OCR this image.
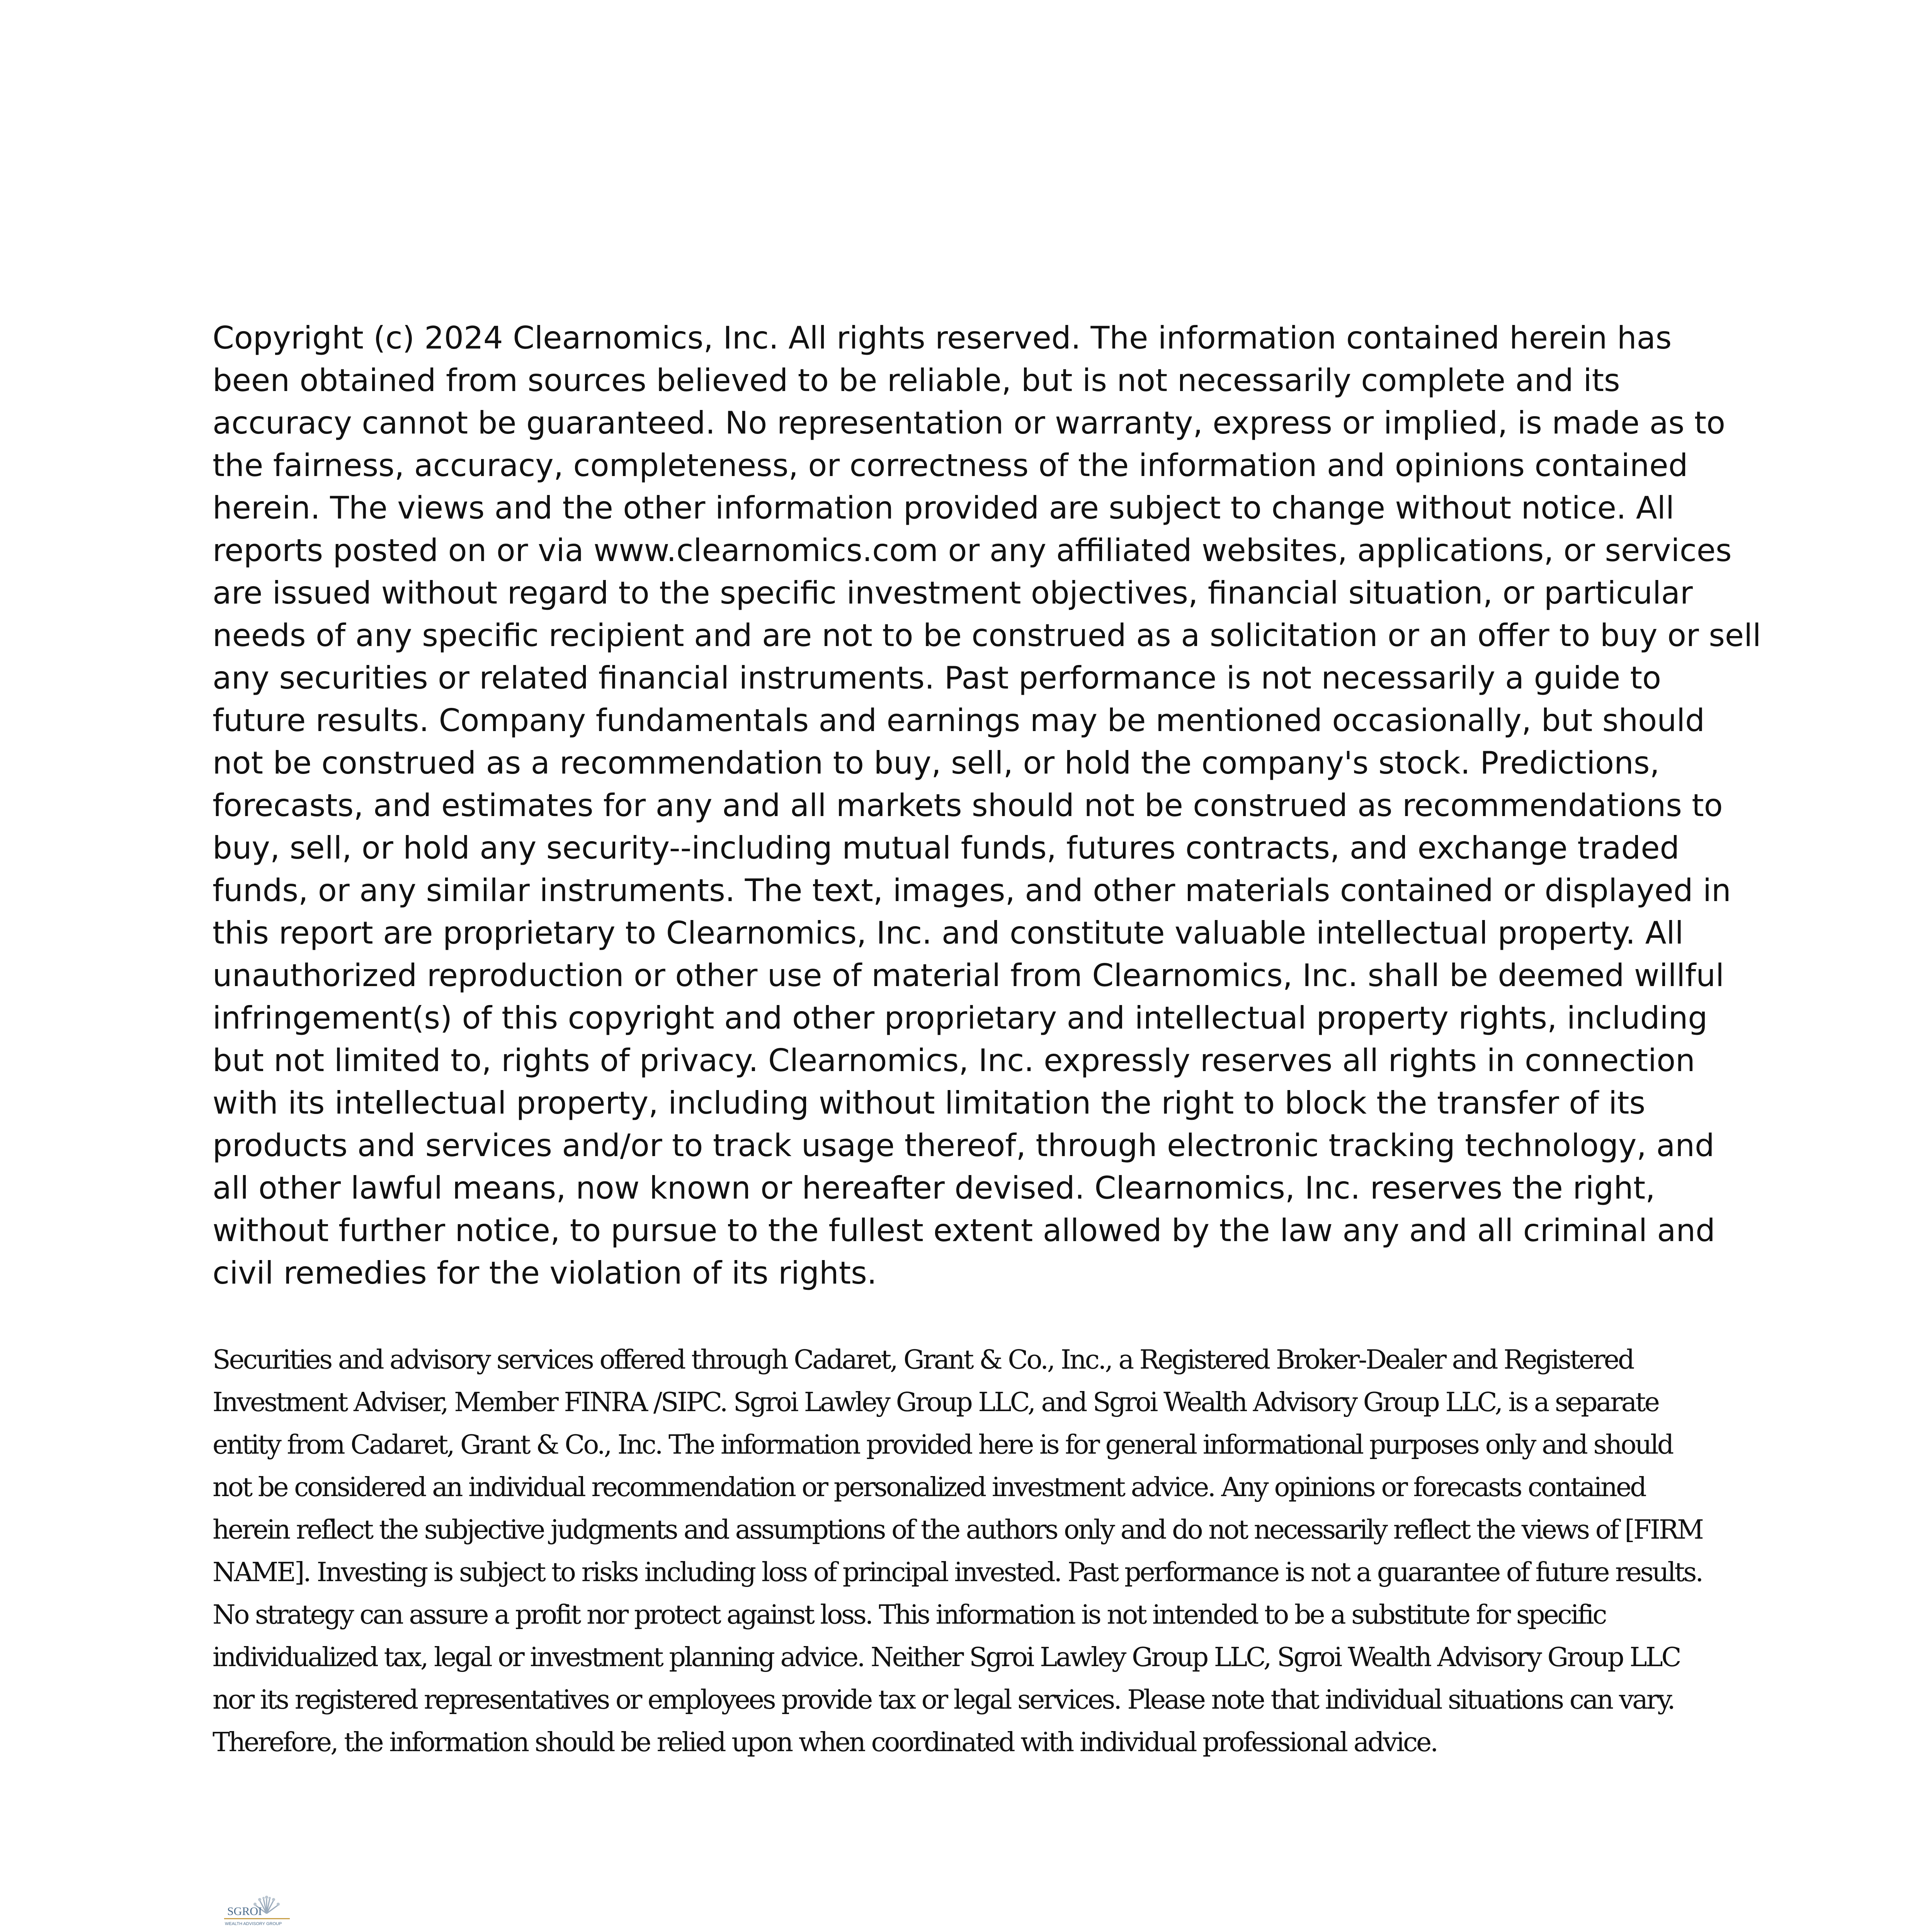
Copyright (c) 2024 Clearnomics, Inc. All rights reserved. The information contained herein has
been obtained from sources believed to be reliable, but is not necessarily complete and its
accuracy cannot be guaranteed. No representation or warranty, express or implied, is made as to
the fairness, accuracy, completeness, or correctness of the information and opinions contained
herein. The views and the other information provided are subject to change without notice. All
reports posted on or via www.clearnomics.com or any affiliated websites, applications, or services
are issued without regard to the specific investment objectives, financial situation, or particular
needs of any specific recipient and are not to be construed as a solicitation or an offer to buy or sell
any securities or related financial instruments. Past performance is not necessarily a guide to
future results. Company fundamentals and earnings may be mentioned occasionally, but should
not be construed as a recommendation to buy, sell, or hold the company's stock. Predictions,
forecasts, and estimates for any and all markets should not be construed as recommendations to
buy, sell, or hold any security--including mutual funds, futures contracts, and exchange traded
funds, or any similar instruments. The text, images, and other materials contained or displayed in
this report are proprietary to Clearnomics, Inc. and constitute valuable intellectual property. All
unauthorized reproduction or other use of material from Clearnomics, Inc. shall be deemed willful
infringement(s) of this copyright and other proprietary and intellectual property rights, including
but not limited to, rights of privacy. Clearnomics, Inc. expressly reserves all rights in connection
with its intellectual property, including without limitation the right to block the transfer of its
products and services and/or to track usage thereof, through electronic tracking technology, and
all other lawful means, now known or hereafter devised. Clearnomics, Inc. reserves the right,
without further notice, to pursue to the fullest extent allowed by the law any and all criminal and
civil remedies for the violation of its rights.

Securities and advisory services offered through Cadaret, Grant & Co., Inc., a Registered Broker-Dealer and Registered
Investment Adviser, Member FINRA /SIPC. Sgroi Lawley Group LLC, and Sgroi Wealth Advisory Group LLC, is a separate
entity from Cadaret, Grant & Co., Inc. The information provided here is for general informational purposes only and should
not be considered an individual recommendation or personalized investment advice. Any opinions or forecasts contained
herein reflect the subjective judgments and assumptions of the authors only and do not necessarily reflect the views of [FIRM
NAME]. Investing is subject to risks including loss of principal invested. Past performance is not a guarantee of future results.
No strategy can assure a profit nor protect against loss. This information is not intended to be a substitute for specific
individualized tax, legal or investment planning advice. Neither Sgroi Lawley Group LLC, Sgroi Wealth Advisory Group LLC
nor its registered representatives or employees provide tax or legal services. Please note that individual situations can vary.
Therefore, the information should be relied upon when coordinated with individual professional advice.

SGROI
WEALTH ADVISORY GROUP
